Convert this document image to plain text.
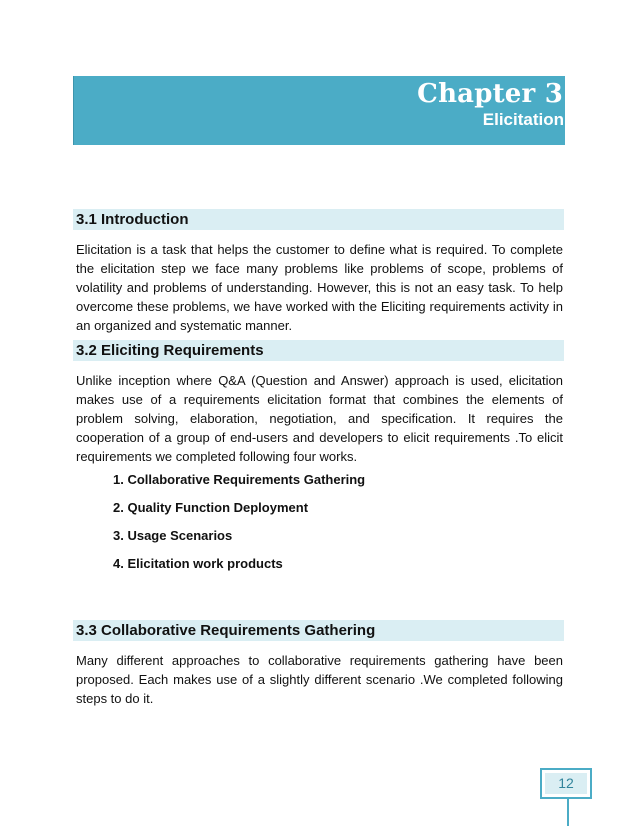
Chapter 3
Elicitation
3.1 Introduction
Elicitation is a task that helps the customer to define what is required. To complete the elicitation step we face many problems like problems of scope, problems of volatility and problems of understanding. However, this is not an easy task. To help overcome these problems, we have worked with the Eliciting requirements activity in an organized and systematic manner.
3.2 Eliciting Requirements
Unlike inception where Q&A (Question and Answer) approach is used, elicitation makes use of a requirements elicitation format that combines the elements of problem solving, elaboration, negotiation, and specification. It requires the cooperation of a group of end-users and developers to elicit requirements .To elicit requirements we completed following four works.
1. Collaborative Requirements Gathering
2. Quality Function Deployment
3. Usage Scenarios
4. Elicitation work products
3.3 Collaborative Requirements Gathering
Many different approaches to collaborative requirements gathering have been proposed. Each makes use of a slightly different scenario .We completed following steps to do it.
12
